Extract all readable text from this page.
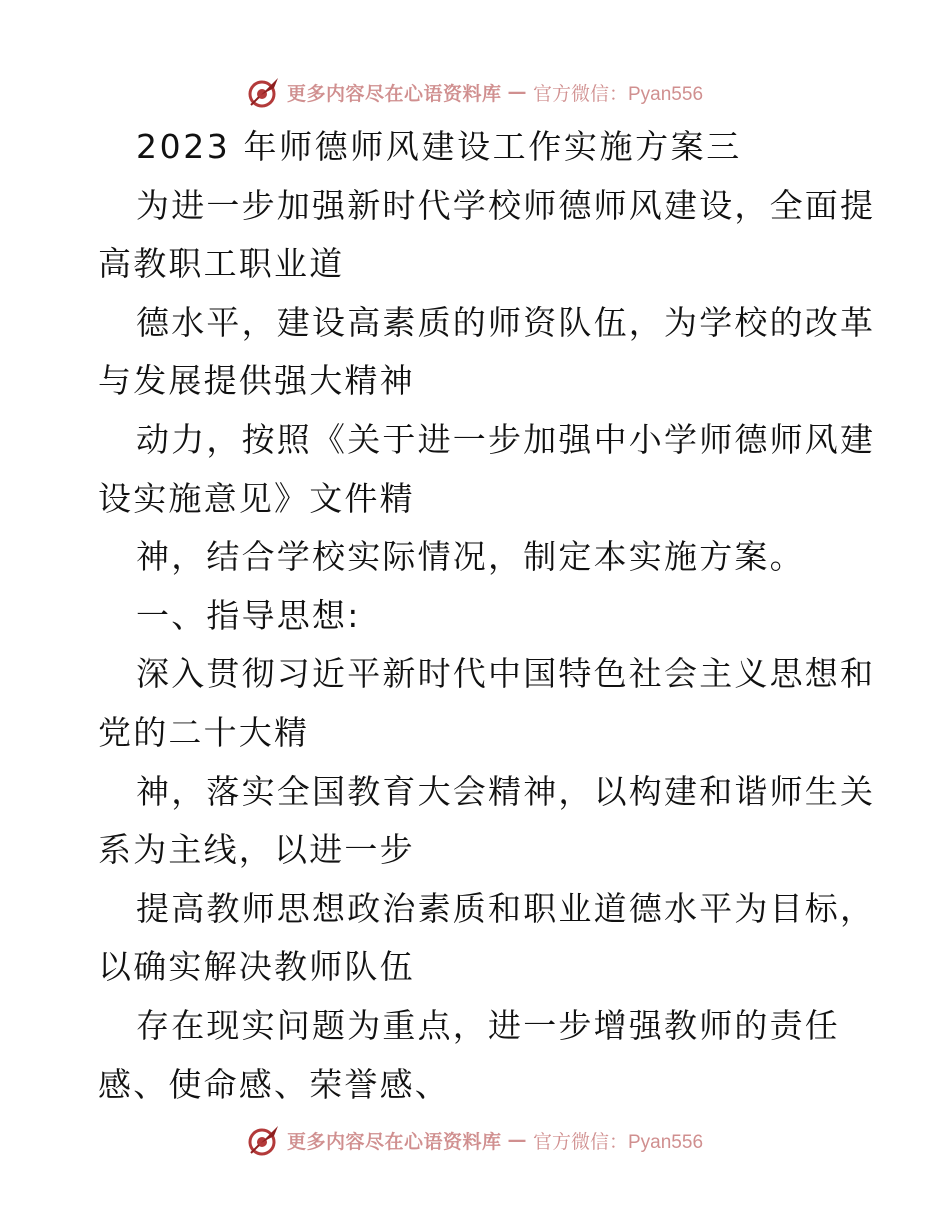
更多内容尽在心语资料库 — 官方微信：Pyan556
2023 年师德师风建设工作实施方案三
为进一步加强新时代学校师德师风建设，全面提
高教职工职业道
德水平，建设高素质的师资队伍，为学校的改革
与发展提供强大精神
动力，按照《关于进一步加强中小学师德师风建
设实施意见》文件精
神，结合学校实际情况，制定本实施方案。
一、指导思想:
深入贯彻习近平新时代中国特色社会主义思想和
党的二十大精
神，落实全国教育大会精神，以构建和谐师生关
系为主线，以进一步
提高教师思想政治素质和职业道德水平为目标，
以确实解决教师队伍
存在现实问题为重点，进一步增强教师的责任
感、使命感、荣誉感、
更多内容尽在心语资料库 — 官方微信：Pyan556
